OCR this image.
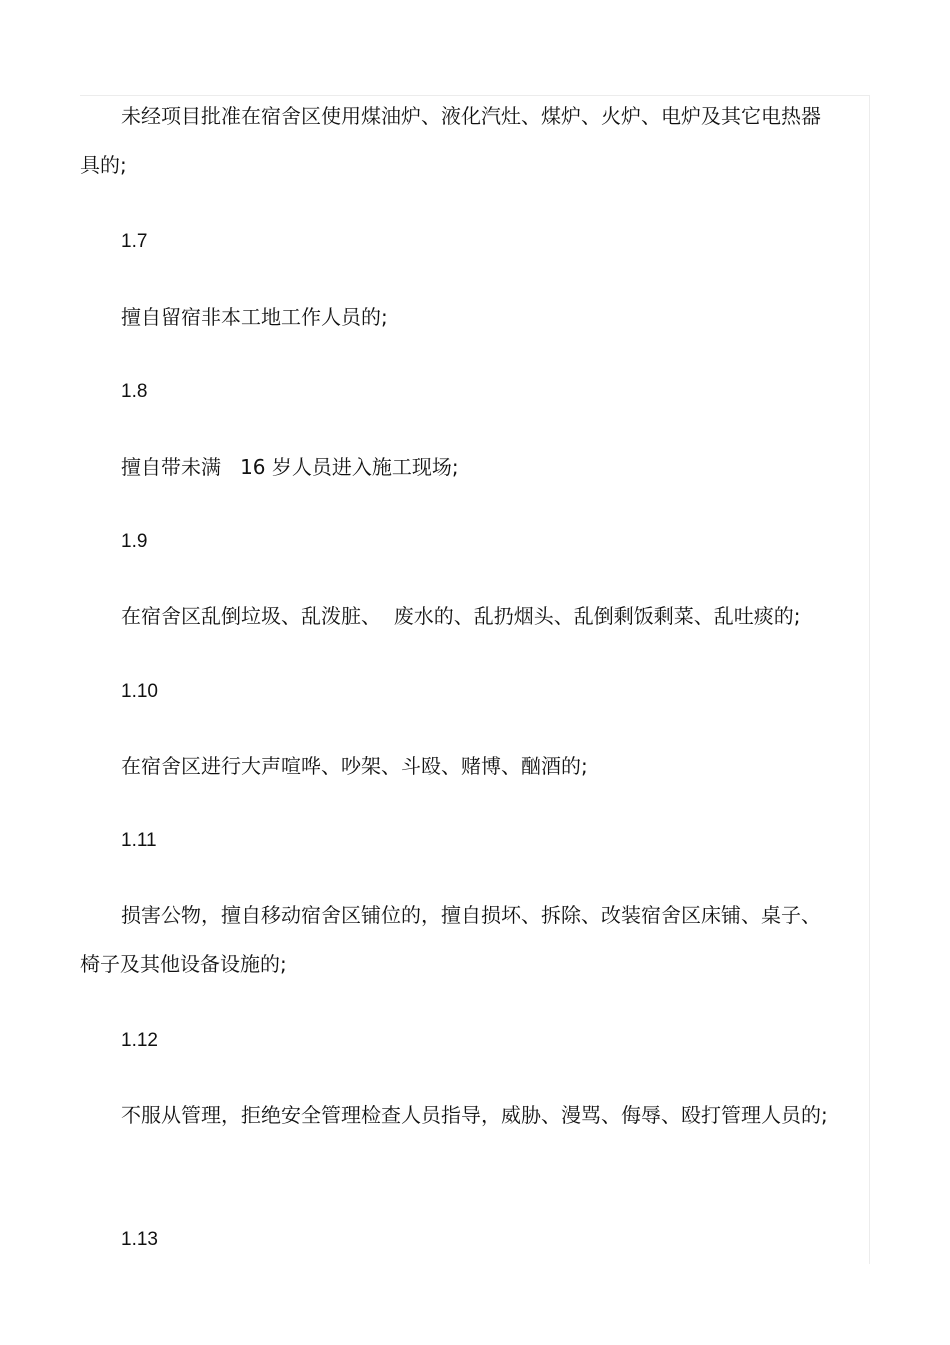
未经项目批准在宿舍区使用煤油炉、液化汽灶、煤炉、火炉、电炉及其它电热器具的;
1.7
擅自留宿非本工地工作人员的;
1.8
擅自带未满   16 岁人员进入施工现场;
1.9
在宿舍区乱倒垃圾、乱泼脏、  废水的、乱扔烟头、乱倒剩饭剩菜、乱吐痰的;
1.10
在宿舍区进行大声喧哗、吵架、斗殴、赌博、酗酒的;
1.11
损害公物，擅自移动宿舍区铺位的，擅自损坏、拆除、改装宿舍区床铺、桌子、椅子及其他设备设施的;
1.12
不服从管理，拒绝安全管理检查人员指导，威胁、漫骂、侮辱、殴打管理人员的;
1.13
